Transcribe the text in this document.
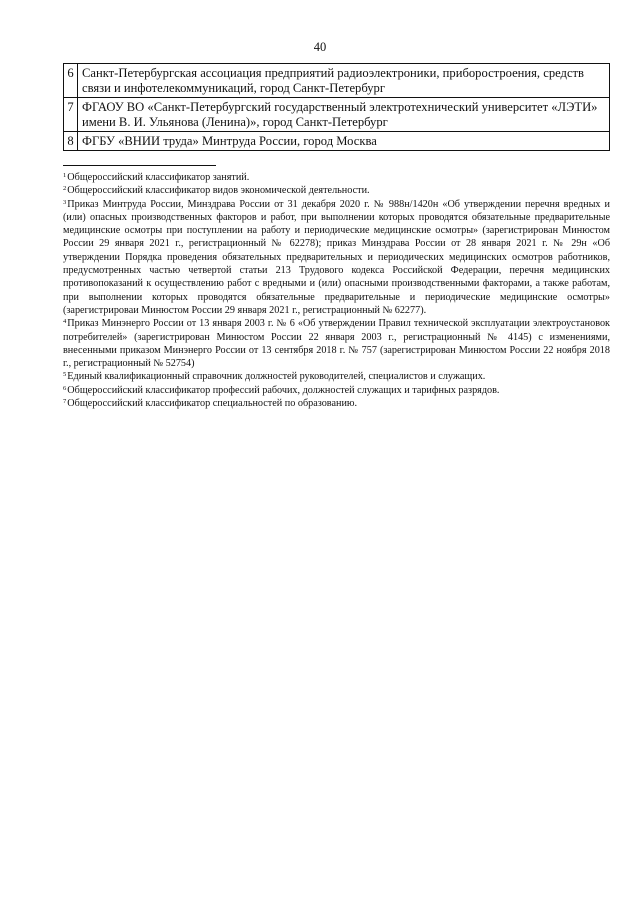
40
6	Санкт-Петербургская ассоциация предприятий радиоэлектроники, приборостроения, средств связи и инфотелекоммуникаций, город Санкт-Петербург
7	ФГАОУ ВО «Санкт-Петербургский государственный электротехнический университет «ЛЭТИ» имени В. И. Ульянова (Ленина)», город Санкт-Петербург
8	ФГБУ «ВНИИ труда» Минтруда России, город Москва

$^1$Общероссийский классификатор занятий.

$^2$Общероссийский классификатор видов экономической деятельности.

$^3$Приказ Минтруда России, Минздрава России от 31 декабря 2020 г. № 988н/1420н «Об утверждении перечня вредных и (или) опасных производственных факторов и работ, при выполнении которых проводятся обязательные предварительные медицинские осмотры при поступлении на работу и периодические медицинские осмотры» (зарегистрирован Минюстом России 29 января 2021 г., регистрационный № 62278); приказ Минздрава России от 28 января 2021 г. № 29н «Об утверждении Порядка проведения обязательных предварительных и периодических медицинских осмотров работников, предусмотренных частью четвертой статьи 213 Трудового кодекса Российской Федерации, перечня медицинских противопоказаний к осуществлению работ с вредными и (или) опасными производственными факторами, а также работам, при выполнении которых проводятся обязательные предварительные и периодические медицинские осмотры» (зарегистрироваи Минюстом России 29 января 2021 г., регистрационный № 62277).

$^4$Приказ Минэнерго России от 13 января 2003 г. № 6 «Об утверждении Правил технической эксплуатации электроустановок потребителей» (зарегистрирован Минюстом России 22 января 2003 г., регистрационный № 4145) с изменениями, внесенными приказом Минэнерго России от 13 сентября 2018 г. № 757 (зарегистрирован Минюстом России 22 ноября 2018 г., регистрационный № 52754)

$^5$Единый квалификационный справочник должностей руководителей, специалистов и служащих.

$^6$Общероссийский классификатор профессий рабочих, должностей служащих и тарифных разрядов.

$^7$Общероссийский классификатор специальностей по образованию.
